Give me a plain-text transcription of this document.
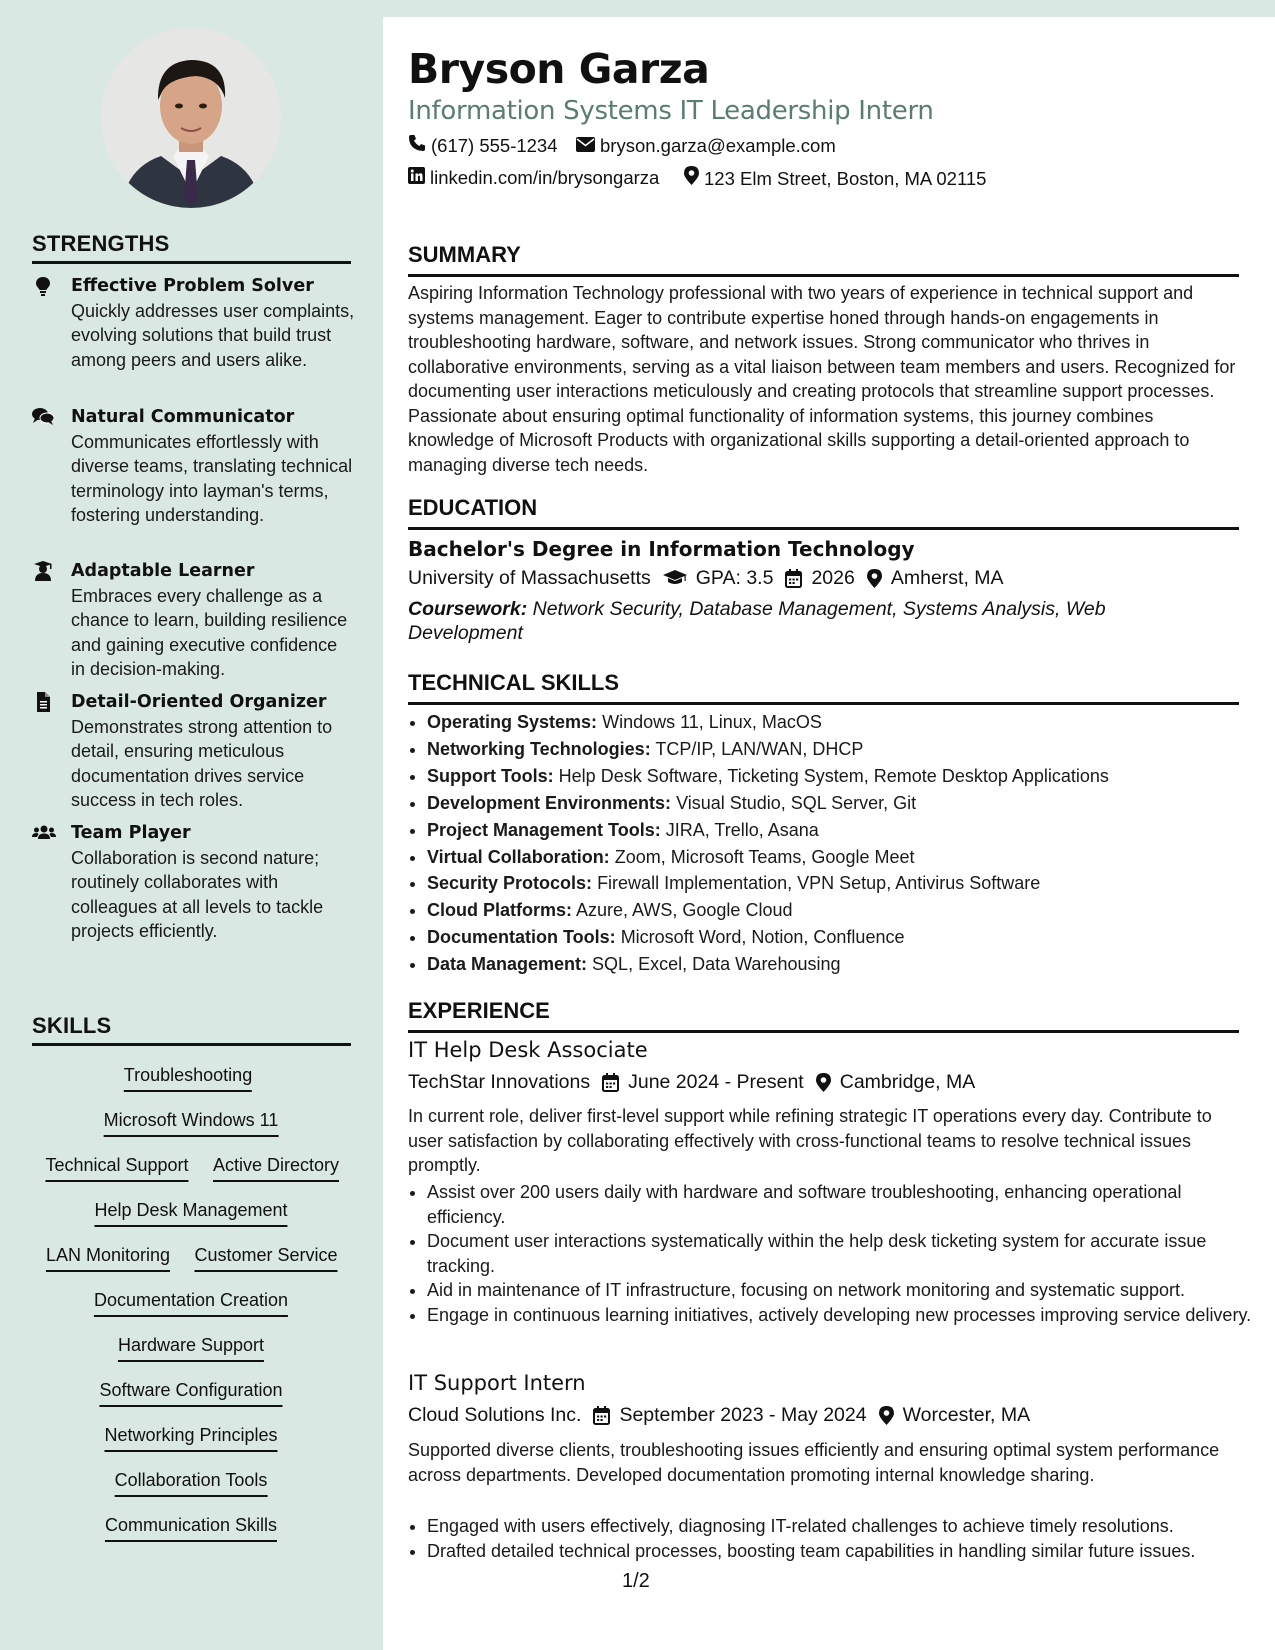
STRENGTHS
Effective Problem Solver
Quickly addresses user complaints, evolving solutions that build trust among peers and users alike.
Natural Communicator
Communicates effortlessly with diverse teams, translating technical terminology into layman's terms, fostering understanding.
Adaptable Learner
Embraces every challenge as a chance to learn, building resilience and gaining executive confidence in decision-making.
Detail-Oriented Organizer
Demonstrates strong attention to detail, ensuring meticulous documentation drives service success in tech roles.
Team Player
Collaboration is second nature; routinely collaborates with colleagues at all levels to tackle projects efficiently.
SKILLS
Troubleshooting
Microsoft Windows 11
Technical Support Active Directory
Help Desk Management
LAN Monitoring Customer Service
Documentation Creation
Hardware Support
Software Configuration
Networking Principles
Collaboration Tools
Communication Skills
Bryson Garza
Information Systems IT Leadership Intern
(617) 555-1234 bryson.garza@example.com
linkedin.com/in/brysongarza 123 Elm Street, Boston, MA 02115
SUMMARY
Aspiring Information Technology professional with two years of experience in technical support and systems management. Eager to contribute expertise honed through hands-on engagements in troubleshooting hardware, software, and network issues. Strong communicator who thrives in collaborative environments, serving as a vital liaison between team members and users. Recognized for documenting user interactions meticulously and creating protocols that streamline support processes. Passionate about ensuring optimal functionality of information systems, this journey combines knowledge of Microsoft Products with organizational skills supporting a detail-oriented approach to managing diverse tech needs.
EDUCATION
Bachelor's Degree in Information Technology
University of Massachusetts GPA: 3.5 2026 Amherst, MA
Coursework: Network Security, Database Management, Systems Analysis, Web Development
TECHNICAL SKILLS
• Operating Systems: Windows 11, Linux, MacOS
• Networking Technologies: TCP/IP, LAN/WAN, DHCP
• Support Tools: Help Desk Software, Ticketing System, Remote Desktop Applications
• Development Environments: Visual Studio, SQL Server, Git
• Project Management Tools: JIRA, Trello, Asana
• Virtual Collaboration: Zoom, Microsoft Teams, Google Meet
• Security Protocols: Firewall Implementation, VPN Setup, Antivirus Software
• Cloud Platforms: Azure, AWS, Google Cloud
• Documentation Tools: Microsoft Word, Notion, Confluence
• Data Management: SQL, Excel, Data Warehousing
EXPERIENCE
IT Help Desk Associate
TechStar Innovations June 2024 - Present Cambridge, MA
In current role, deliver first-level support while refining strategic IT operations every day. Contribute to user satisfaction by collaborating effectively with cross-functional teams to resolve technical issues promptly.
• Assist over 200 users daily with hardware and software troubleshooting, enhancing operational efficiency.
• Document user interactions systematically within the help desk ticketing system for accurate issue tracking.
• Aid in maintenance of IT infrastructure, focusing on network monitoring and systematic support.
• Engage in continuous learning initiatives, actively developing new processes improving service delivery.
IT Support Intern
Cloud Solutions Inc. September 2023 - May 2024 Worcester, MA
Supported diverse clients, troubleshooting issues efficiently and ensuring optimal system performance across departments. Developed documentation promoting internal knowledge sharing.
• Engaged with users effectively, diagnosing IT-related challenges to achieve timely resolutions.
• Drafted detailed technical processes, boosting team capabilities in handling similar future issues.
1/2
